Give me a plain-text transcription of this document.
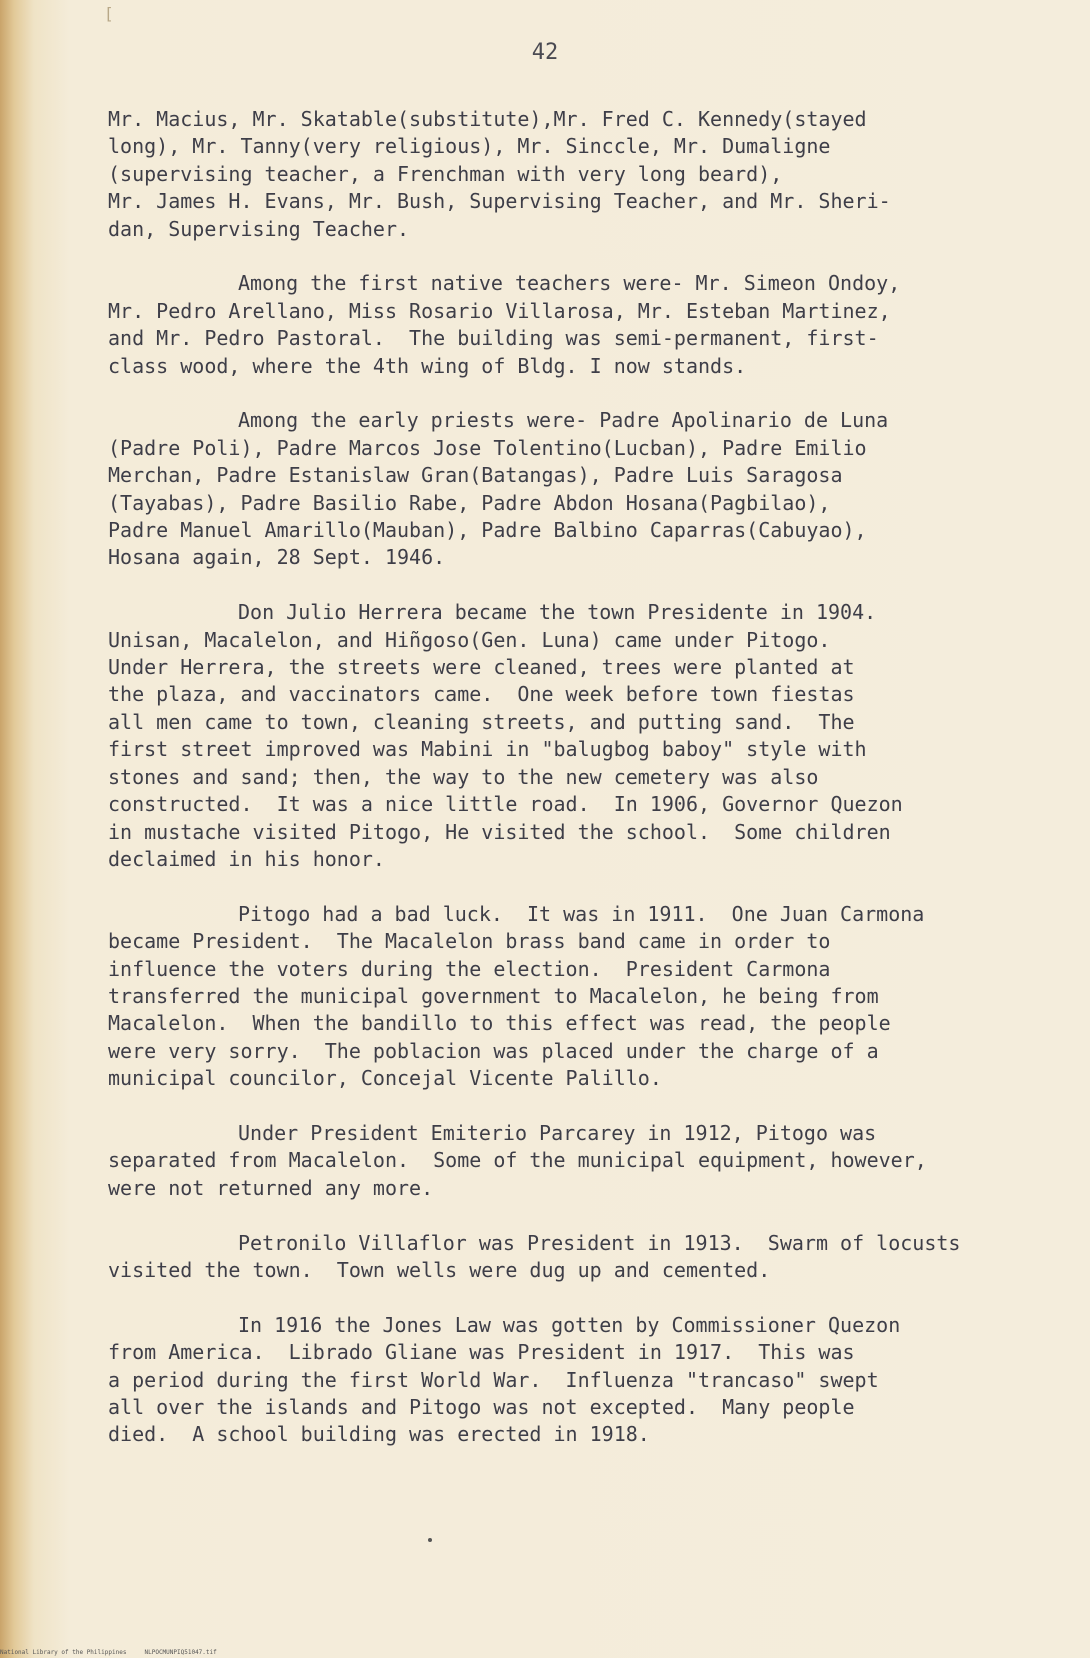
[
42
Mr. Macius, Mr. Skatable(substitute),Mr. Fred C. Kennedy(stayed
long), Mr. Tanny(very religious), Mr. Sinccle, Mr. Dumaligne
(supervising teacher, a Frenchman with very long beard),
Mr. James H. Evans, Mr. Bush, Supervising Teacher, and Mr. Sheri-
dan, Supervising Teacher.
Among the first native teachers were- Mr. Simeon Ondoy,
Mr. Pedro Arellano, Miss Rosario Villarosa, Mr. Esteban Martinez,
and Mr. Pedro Pastoral.  The building was semi-permanent, first-
class wood, where the 4th wing of Bldg. I now stands.
Among the early priests were- Padre Apolinario de Luna
(Padre Poli), Padre Marcos Jose Tolentino(Lucban), Padre Emilio
Merchan, Padre Estanislaw Gran(Batangas), Padre Luis Saragosa
(Tayabas), Padre Basilio Rabe, Padre Abdon Hosana(Pagbilao),
Padre Manuel Amarillo(Mauban), Padre Balbino Caparras(Cabuyao),
Hosana again, 28 Sept. 1946.
Don Julio Herrera became the town Presidente in 1904.
Unisan, Macalelon, and Hiñgoso(Gen. Luna) came under Pitogo.
Under Herrera, the streets were cleaned, trees were planted at
the plaza, and vaccinators came.  One week before town fiestas
all men came to town, cleaning streets, and putting sand.  The
first street improved was Mabini in "balugbog baboy" style with
stones and sand; then, the way to the new cemetery was also
constructed.  It was a nice little road.  In 1906, Governor Quezon
in mustache visited Pitogo, He visited the school.  Some children
declaimed in his honor.
Pitogo had a bad luck.  It was in 1911.  One Juan Carmona
became President.  The Macalelon brass band came in order to
influence the voters during the election.  President Carmona
transferred the municipal government to Macalelon, he being from
Macalelon.  When the bandillo to this effect was read, the people
were very sorry.  The poblacion was placed under the charge of a
municipal councilor, Concejal Vicente Palillo.
Under President Emiterio Parcarey in 1912, Pitogo was
separated from Macalelon.  Some of the municipal equipment, however,
were not returned any more.
Petronilo Villaflor was President in 1913.  Swarm of locusts
visited the town.  Town wells were dug up and cemented.
In 1916 the Jones Law was gotten by Commissioner Quezon
from America.  Librado Gliane was President in 1917.  This was
a period during the first World War.  Influenza "trancaso" swept
all over the islands and Pitogo was not excepted.  Many people
died.  A school building was erected in 1918.
National Library of the Philippines     NLPOCMUNPIQ51047.tif
